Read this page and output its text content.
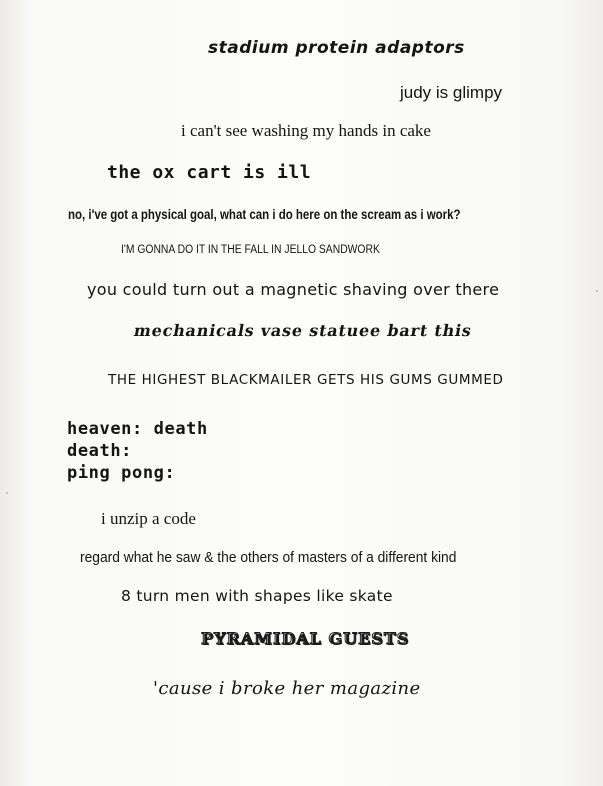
stadium protein adaptors

judy is glimpy

i can't see washing my hands in cake

the ox cart is ill

no, i've got a physical goal, what can i do here on the scream as i work?

I'M GONNA DO IT IN THE FALL IN JELLO SANDWORK

you could turn out a magnetic shaving over there

mechanicals vase statuee bart this

THE HIGHEST BLACKMAILER GETS HIS GUMS GUMMED

heaven: death
death:
ping pong:

i unzip a code

regard what he saw & the others of masters of a different kind

8 turn men with shapes like skate

PYRAMIDAL GUESTS

'cause i broke her magazine
